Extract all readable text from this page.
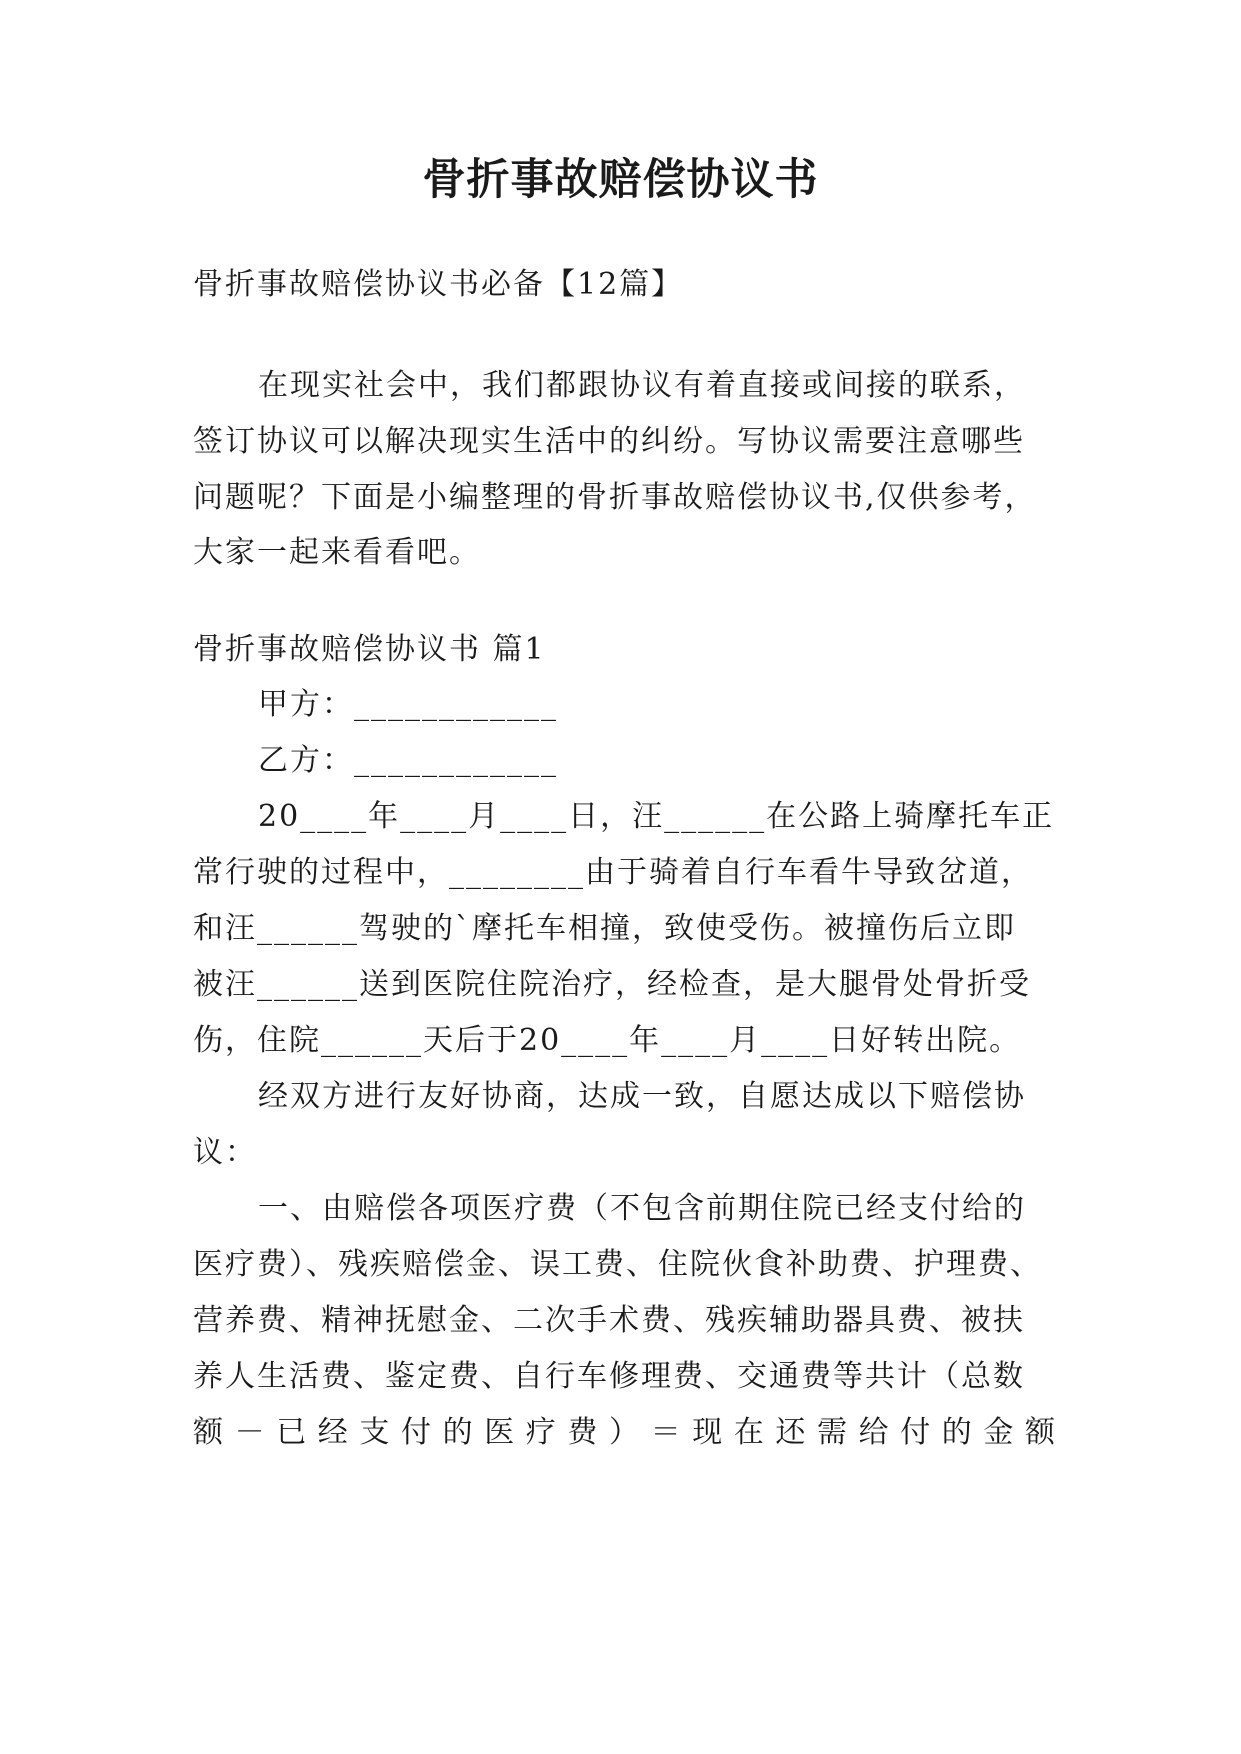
骨折事故赔偿协议书

骨折事故赔偿协议书必备【12篇】

在现实社会中，我们都跟协议有着直接或间接的联系，

签订协议可以解决现实生活中的纠纷。写协议需要注意哪些

问题呢？下面是小编整理的骨折事故赔偿协议书,仅供参考，

大家一起来看看吧。

骨折事故赔偿协议书 篇1

甲方：____________

乙方：____________

20____年____月____日，汪______在公路上骑摩托车正

常行驶的过程中，________由于骑着自行车看牛导致岔道，

和汪______驾驶的`摩托车相撞，致使受伤。被撞伤后立即

被汪______送到医院住院治疗，经检查，是大腿骨处骨折受

伤，住院______天后于20____年____月____日好转出院。

经双方进行友好协商，达成一致，自愿达成以下赔偿协

议：

一、由赔偿各项医疗费（不包含前期住院已经支付给的

医疗费）、残疾赔偿金、误工费、住院伙食补助费、护理费、

营养费、精神抚慰金、二次手术费、残疾辅助器具费、被扶

养人生活费、鉴定费、自行车修理费、交通费等共计（总数

额－已经支付的医疗费）＝现在还需给付的金额
